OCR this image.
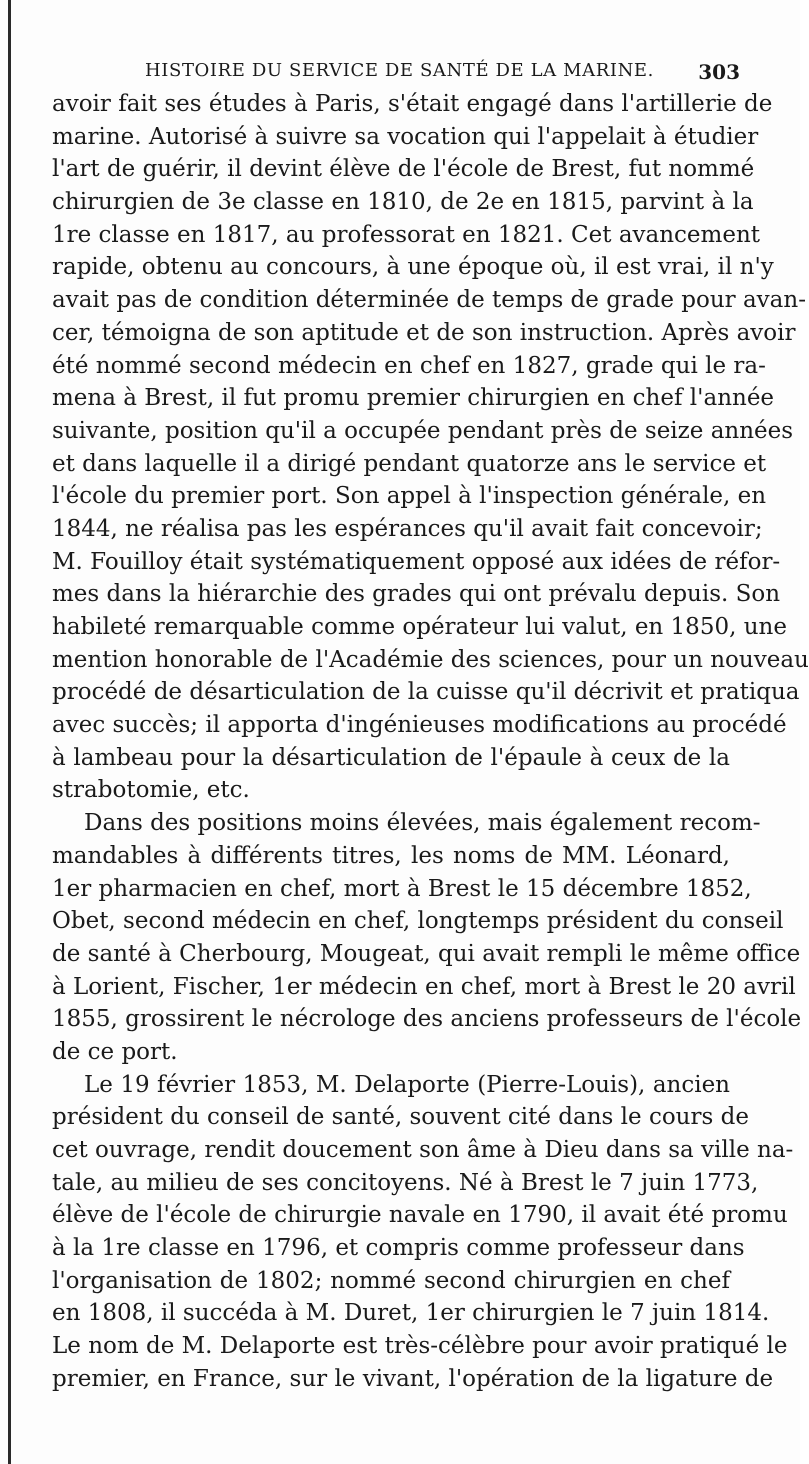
HISTOIRE DU SERVICE DE SANTÉ DE LA MARINE. 303
avoir fait ses études à Paris, s'était engagé dans l'artillerie de
marine. Autorisé à suivre sa vocation qui l'appelait à étudier
l'art de guérir, il devint élève de l'école de Brest, fut nommé
chirurgien de 3e classe en 1810, de 2e en 1815, parvint à la
1re classe en 1817, au professorat en 1821. Cet avancement
rapide, obtenu au concours, à une époque où, il est vrai, il n'y
avait pas de condition déterminée de temps de grade pour avan-
cer, témoigna de son aptitude et de son instruction. Après avoir
été nommé second médecin en chef en 1827, grade qui le ra-
mena à Brest, il fut promu premier chirurgien en chef l'année
suivante, position qu'il a occupée pendant près de seize années
et dans laquelle il a dirigé pendant quatorze ans le service et
l'école du premier port. Son appel à l'inspection générale, en
1844, ne réalisa pas les espérances qu'il avait fait concevoir;
M. Fouilloy était systématiquement opposé aux idées de réfor-
mes dans la hiérarchie des grades qui ont prévalu depuis. Son
habileté remarquable comme opérateur lui valut, en 1850, une
mention honorable de l'Académie des sciences, pour un nouveau
procédé de désarticulation de la cuisse qu'il décrivit et pratiqua
avec succès; il apporta d'ingénieuses modifications au procédé
à lambeau pour la désarticulation de l'épaule à ceux de la
strabotomie, etc.
Dans des positions moins élevées, mais également recom-
mandables à différents titres, les noms de MM. Léonard,
1er pharmacien en chef, mort à Brest le 15 décembre 1852,
Obet, second médecin en chef, longtemps président du conseil
de santé à Cherbourg, Mougeat, qui avait rempli le même office
à Lorient, Fischer, 1er médecin en chef, mort à Brest le 20 avril
1855, grossirent le nécrologe des anciens professeurs de l'école
de ce port.
Le 19 février 1853, M. Delaporte (Pierre-Louis), ancien
président du conseil de santé, souvent cité dans le cours de
cet ouvrage, rendit doucement son âme à Dieu dans sa ville na-
tale, au milieu de ses concitoyens. Né à Brest le 7 juin 1773,
élève de l'école de chirurgie navale en 1790, il avait été promu
à la 1re classe en 1796, et compris comme professeur dans
l'organisation de 1802; nommé second chirurgien en chef
en 1808, il succéda à M. Duret, 1er chirurgien le 7 juin 1814.
Le nom de M. Delaporte est très-célèbre pour avoir pratiqué le
premier, en France, sur le vivant, l'opération de la ligature de
